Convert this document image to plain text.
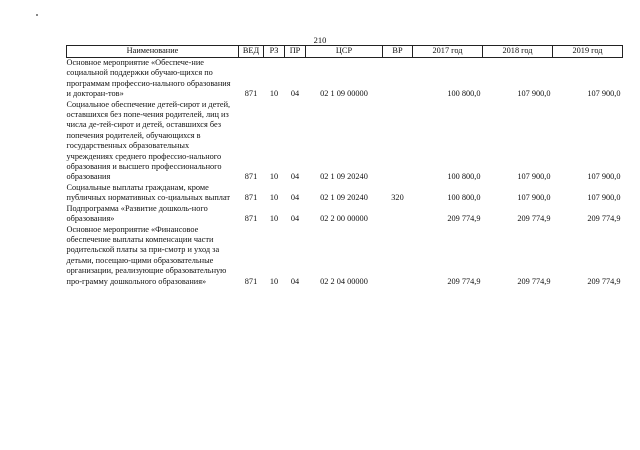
210
Наименование	ВЕД	РЗ	ПР	ЦСР	ВР	2017 год	2018 год	2019 год
Основное мероприятие «Обеспече-ние социальной поддержки обучаю-щихся по программам профессио-нального образования и докторан-тов»	871	10	04	02 1 09 00000		100 800,0	107 900,0	107 900,0
Социальное обеспечение детей-сирот и детей, оставшихся без попе-чения родителей, лиц из числа де-тей-сирот и детей, оставшихся без попечения родителей, обучающихся в государственных образовательных учреждениях среднего профессио-нального образования и высшего профессионального образования	871	10	04	02 1 09 20240		100 800,0	107 900,0	107 900,0
Социальные выплаты гражданам, кроме публичных нормативных со-циальных выплат	871	10	04	02 1 09 20240	320	100 800,0	107 900,0	107 900,0
Подпрограмма «Развитие дошколь-ного образования»	871	10	04	02 2 00 00000		209 774,9	209 774,9	209 774,9
Основное мероприятие «Финансовое обеспечение выплаты компенсации части родительской платы за при-смотр и уход за детьми, посещаю-щими образовательные организации, реализующие образовательную про-грамму дошкольного образования»	871	10	04	02 2 04 00000		209 774,9	209 774,9	209 774,9
